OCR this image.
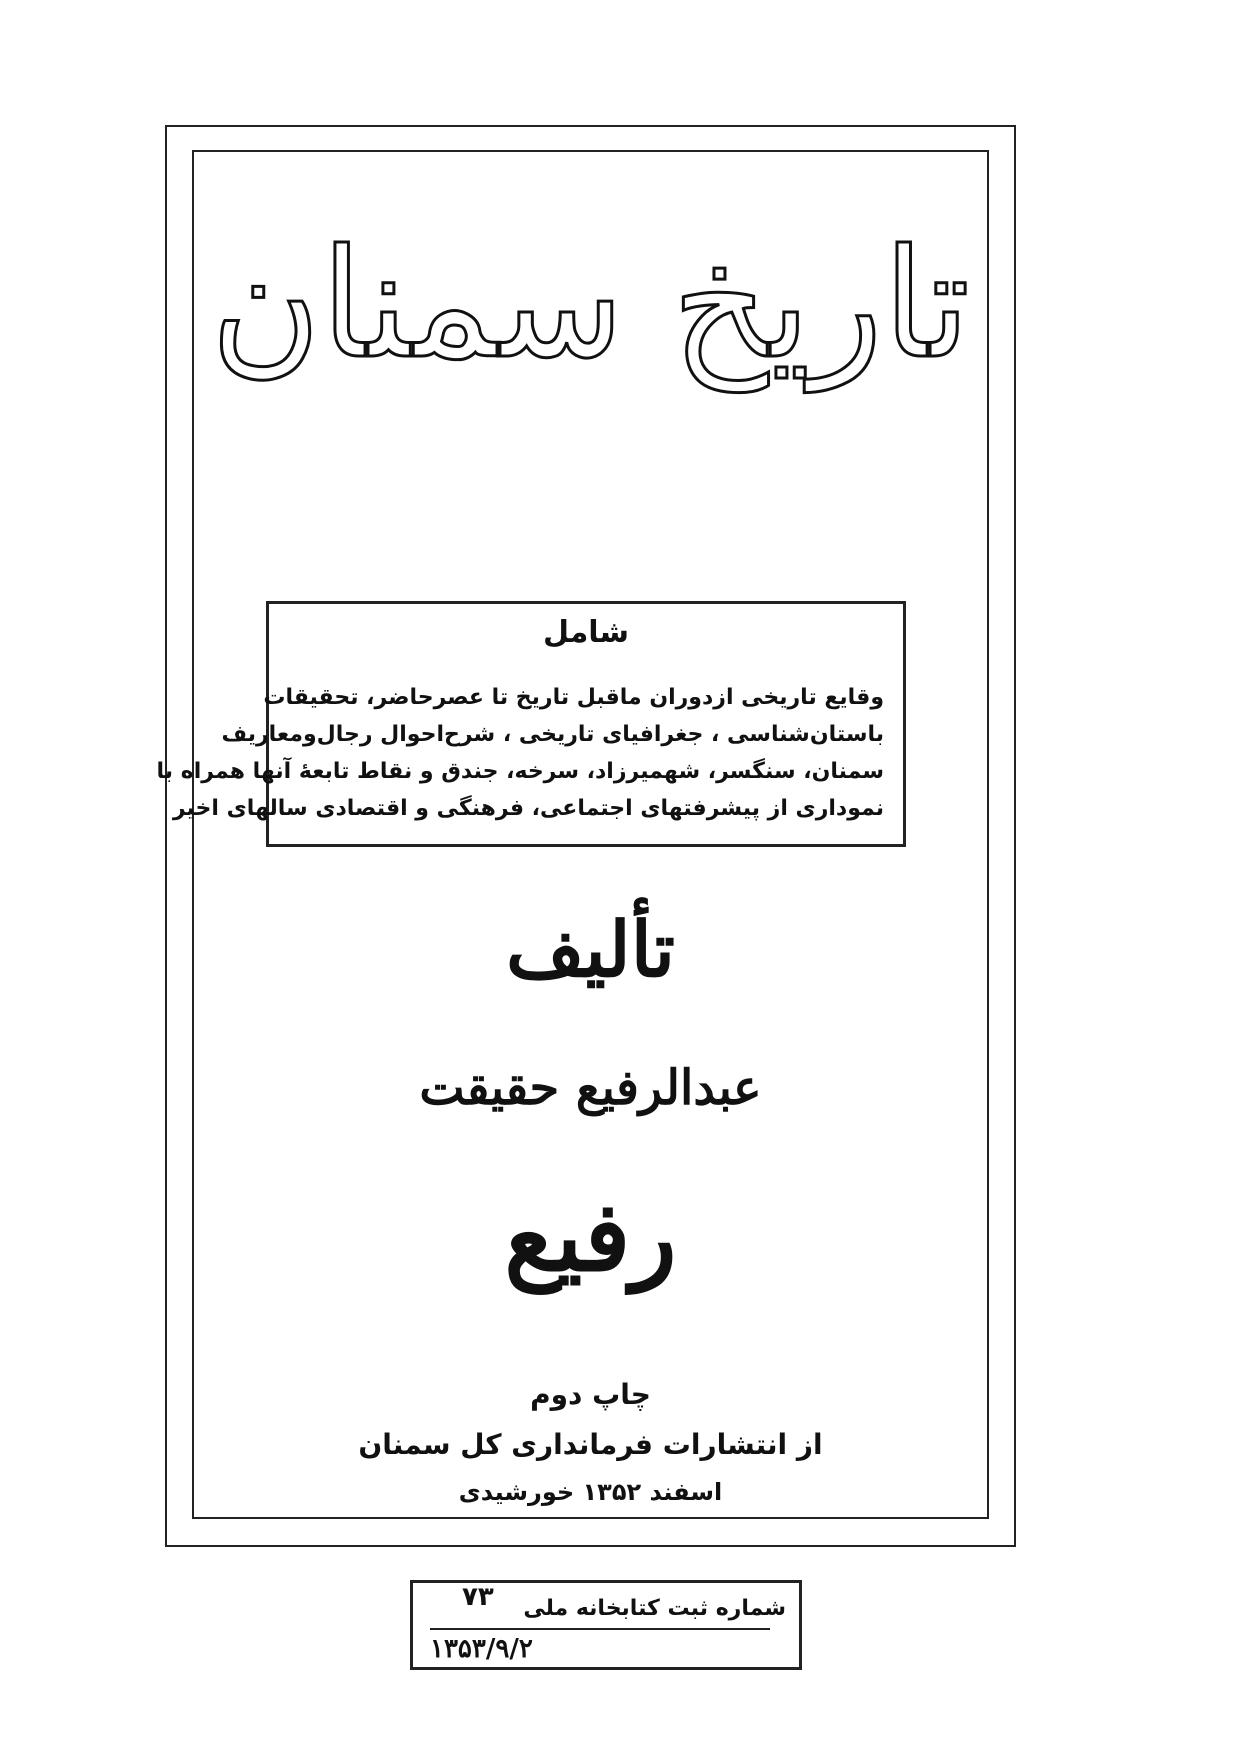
تاریخ سمنان
شامل
وقایع تاریخی ازدوران ماقبل تاریخ تا عصرحاضر، تحقیقات
باستان‌شناسی ، جغرافیای تاریخی ، شرح‌احوال رجال‌ومعاریف
سمنان، سنگسر، شهمیرزاد، سرخه، جندق و نقاط تابعهٔ آنها همراه با
نموداری از پیشرفتهای اجتماعی، فرهنگی و اقتصادی سالهای اخیر
تألیف
عبدالرفیع حقیقت
رفیع
چاپ دوم
از انتشارات فرمانداری کل سمنان
اسفند ۱۳۵۲ خورشیدی
شماره ثبت کتابخانه ملی
۷۳
۱۳۵۳/۹/۲
